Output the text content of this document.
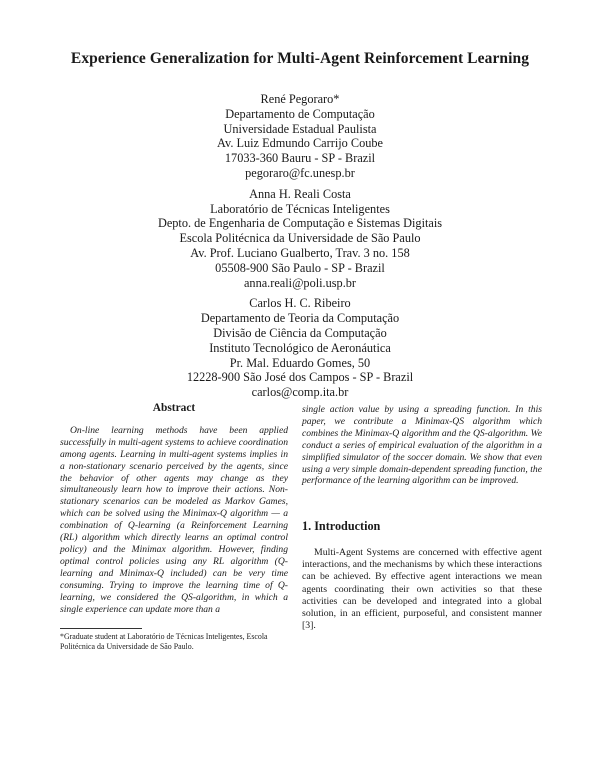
Experience Generalization for Multi-Agent Reinforcement Learning
René Pegoraro*
Departamento de Computação
Universidade Estadual Paulista
Av. Luiz Edmundo Carrijo Coube
17033-360 Bauru - SP - Brazil
pegoraro@fc.unesp.br
Anna H. Reali Costa
Laboratório de Técnicas Inteligentes
Depto. de Engenharia de Computação e Sistemas Digitais
Escola Politécnica da Universidade de São Paulo
Av. Prof. Luciano Gualberto, Trav. 3 no. 158
05508-900 São Paulo - SP - Brazil
anna.reali@poli.usp.br
Carlos H. C. Ribeiro
Departamento de Teoria da Computação
Divisão de Ciência da Computação
Instituto Tecnológico de Aeronáutica
Pr. Mal. Eduardo Gomes, 50
12228-900 São José dos Campos - SP - Brazil
carlos@comp.ita.br
Abstract

On-line learning methods have been applied successfully in multi-agent systems to achieve coordination among agents. Learning in multi-agent systems implies in a non-stationary scenario perceived by the agents, since the behavior of other agents may change as they simultaneously learn how to improve their actions. Non-stationary scenarios can be modeled as Markov Games, which can be solved using the Minimax-Q algorithm — a combination of Q-learning (a Reinforcement Learning (RL) algorithm which directly learns an optimal control policy) and the Minimax algorithm. However, finding optimal control policies using any RL algorithm (Q-learning and Minimax-Q included) can be very time consuming. Trying to improve the learning time of Q-learning, we considered the QS-algorithm, in which a single experience can update more than a

*Graduate student at Laboratório de Técnicas Inteligentes, Escola Politécnica da Universidade de São Paulo.

single action value by using a spreading function. In this paper, we contribute a Minimax-QS algorithm which combines the Minimax-Q algorithm and the QS-algorithm. We conduct a series of empirical evaluation of the algorithm in a simplified simulator of the soccer domain. We show that even using a very simple domain-dependent spreading function, the performance of the learning algorithm can be improved.

1. Introduction

Multi-Agent Systems are concerned with effective agent interactions, and the mechanisms by which these interactions can be achieved. By effective agent interactions we mean agents coordinating their own activities so that these activities can be developed and integrated into a global solution, in an efficient, purposeful, and consistent manner [3].
